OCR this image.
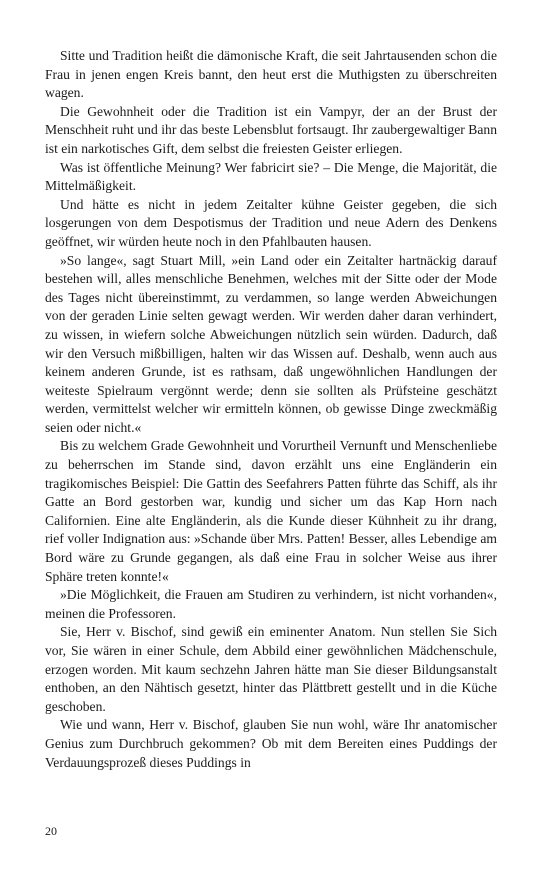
Sitte und Tradition heißt die dämonische Kraft, die seit Jahrtausenden schon die Frau in jenen engen Kreis bannt, den heut erst die Muthigsten zu überschreiten wagen.

Die Gewohnheit oder die Tradition ist ein Vampyr, der an der Brust der Menschheit ruht und ihr das beste Lebensblut fortsaugt. Ihr zaubergewaltiger Bann ist ein narkotisches Gift, dem selbst die freiesten Geister erliegen.

Was ist öffentliche Meinung? Wer fabricirt sie? – Die Menge, die Majorität, die Mittelmäßigkeit.

Und hätte es nicht in jedem Zeitalter kühne Geister gegeben, die sich losgerungen von dem Despotismus der Tradition und neue Adern des Denkens geöffnet, wir würden heute noch in den Pfahlbauten hausen.

»So lange«, sagt Stuart Mill, »ein Land oder ein Zeitalter hartnäckig darauf bestehen will, alles menschliche Benehmen, welches mit der Sitte oder der Mode des Tages nicht übereinstimmt, zu verdammen, so lange werden Abweichungen von der geraden Linie selten gewagt werden. Wir werden daher daran verhindert, zu wissen, in wiefern solche Abweichungen nützlich sein würden. Dadurch, daß wir den Versuch mißbilligen, halten wir das Wissen auf. Deshalb, wenn auch aus keinem anderen Grunde, ist es rathsam, daß ungewöhnlichen Handlungen der weiteste Spielraum vergönnt werde; denn sie sollten als Prüfsteine geschätzt werden, vermittelst welcher wir ermitteln können, ob gewisse Dinge zweckmäßig seien oder nicht.«

Bis zu welchem Grade Gewohnheit und Vorurtheil Vernunft und Menschenliebe zu beherrschen im Stande sind, davon erzählt uns eine Engländerin ein tragikomisches Beispiel: Die Gattin des Seefahrers Patten führte das Schiff, als ihr Gatte an Bord gestorben war, kundig und sicher um das Kap Horn nach Californien. Eine alte Engländerin, als die Kunde dieser Kühnheit zu ihr drang, rief voller Indignation aus: »Schande über Mrs. Patten! Besser, alles Lebendige am Bord wäre zu Grunde gegangen, als daß eine Frau in solcher Weise aus ihrer Sphäre treten konnte!«

»Die Möglichkeit, die Frauen am Studiren zu verhindern, ist nicht vorhanden«, meinen die Professoren.

Sie, Herr v. Bischof, sind gewiß ein eminenter Anatom. Nun stellen Sie Sich vor, Sie wären in einer Schule, dem Abbild einer gewöhnlichen Mädchenschule, erzogen worden. Mit kaum sechzehn Jahren hätte man Sie dieser Bildungsanstalt enthoben, an den Nähtisch gesetzt, hinter das Plättbrett gestellt und in die Küche geschoben.

Wie und wann, Herr v. Bischof, glauben Sie nun wohl, wäre Ihr anatomischer Genius zum Durchbruch gekommen? Ob mit dem Bereiten eines Puddings der Verdauungsprozeß dieses Puddings in

20
